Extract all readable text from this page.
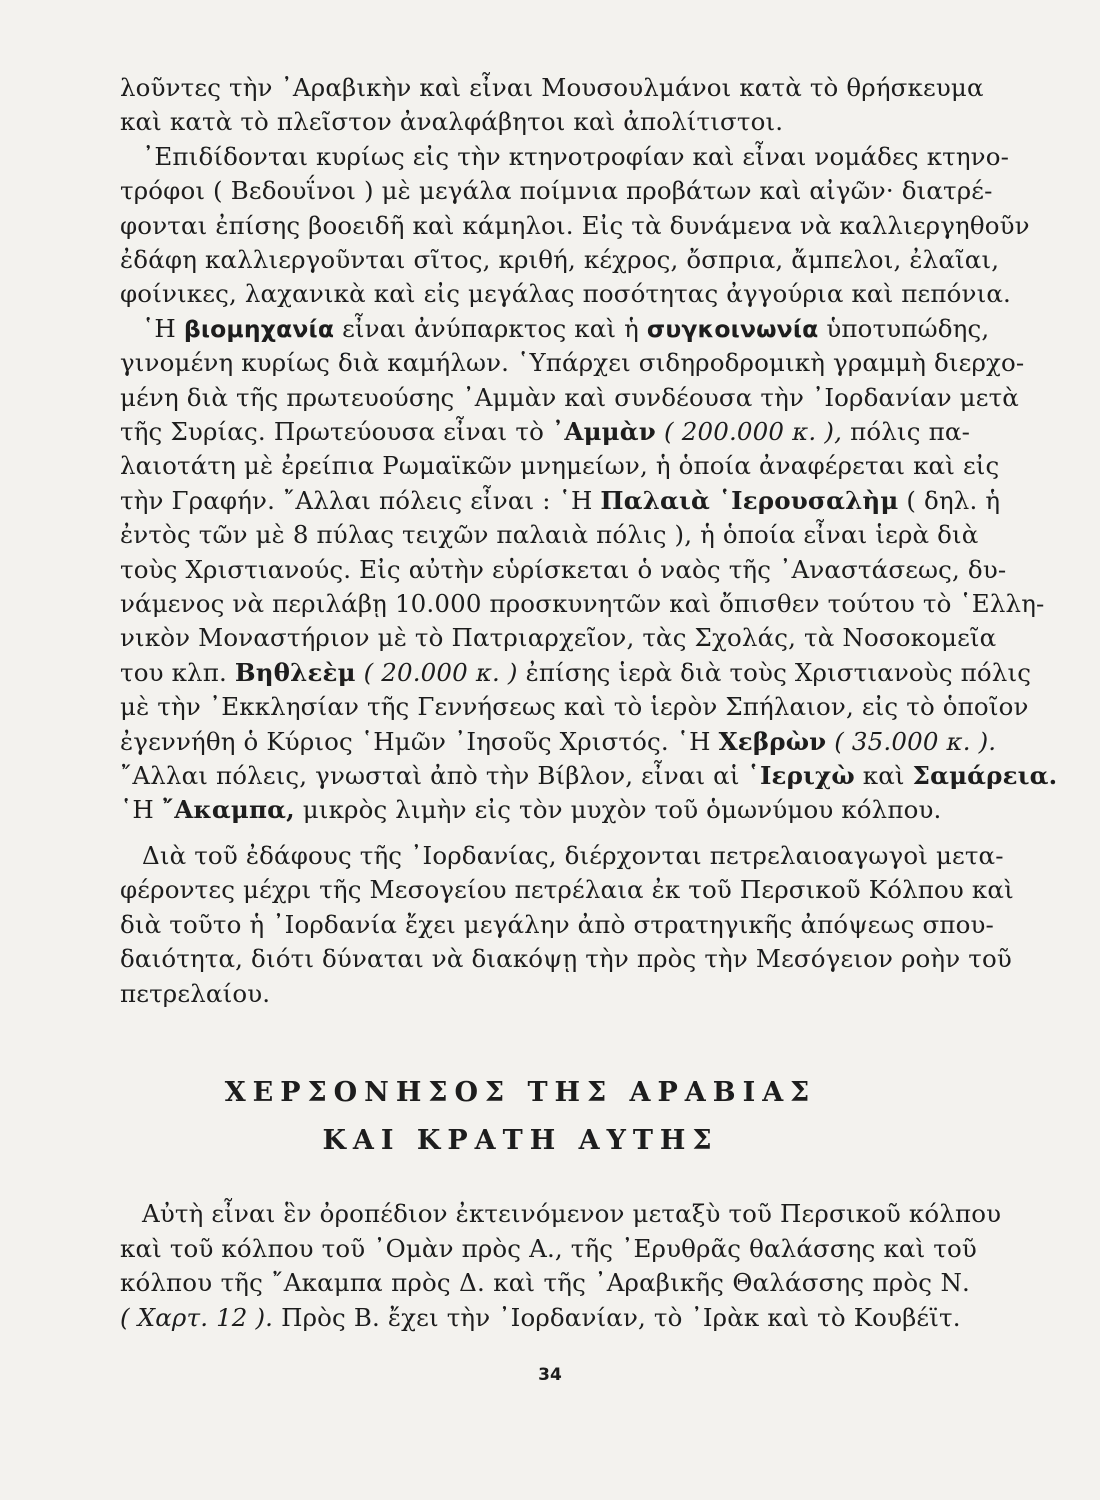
λοῦντες τὴν ᾿Αραβικὴν καὶ εἶναι Μουσουλμάνοι κατὰ τὸ θρήσκευμα
καὶ κατὰ τὸ πλεῖστον ἀναλφάβητοι καὶ ἀπολίτιστοι.
᾿Επιδίδονται κυρίως εἰς τὴν κτηνοτροφίαν καὶ εἶναι νομάδες κτηνο-
τρόφοι ( Βεδουΐνοι ) μὲ μεγάλα ποίμνια προβάτων καὶ αἰγῶν· διατρέ-
φονται ἐπίσης βοοειδῆ καὶ κάμηλοι. Εἰς τὰ δυνάμενα νὰ καλλιεργηθοῦν
ἐδάφη καλλιεργοῦνται σῖτος, κριθή, κέχρος, ὄσπρια, ἄμπελοι, ἐλαῖαι,
φοίνικες, λαχανικὰ καὶ εἰς μεγάλας ποσότητας ἀγγούρια καὶ πεπόνια.
῾Η βιομηχανία εἶναι ἀνύπαρκτος καὶ ἡ συγκοινωνία ὑποτυπώδης,
γινομένη κυρίως διὰ καμήλων. ῾Υπάρχει σιδηροδρομικὴ γραμμὴ διερχο-
μένη διὰ τῆς πρωτευούσης ᾿Αμμὰν καὶ συνδέουσα τὴν ᾿Ιορδανίαν μετὰ
τῆς Συρίας. Πρωτεύουσα εἶναι τὸ ᾿Αμμὰν ( 200.000 κ. ), πόλις πα-
λαιοτάτη μὲ ἐρείπια Ρωμαϊκῶν μνημείων, ἡ ὁποία ἀναφέρεται καὶ εἰς
τὴν Γραφήν. ῎Αλλαι πόλεις εἶναι : ῾Η Παλαιὰ ῾Ιερουσαλὴμ ( δηλ. ἡ
ἐντὸς τῶν μὲ 8 πύλας τειχῶν παλαιὰ πόλις ), ἡ ὁποία εἶναι ἱερὰ διὰ
τοὺς Χριστιανούς. Εἰς αὐτὴν εὑρίσκεται ὁ ναὸς τῆς ᾿Αναστάσεως, δυ-
νάμενος νὰ περιλάβῃ 10.000 προσκυνητῶν καὶ ὄπισθεν τούτου τὸ ῾Ελλη-
νικὸν Μοναστήριον μὲ τὸ Πατριαρχεῖον, τὰς Σχολάς, τὰ Νοσοκομεῖα
του κλπ. Βηθλεὲμ ( 20.000 κ. ) ἐπίσης ἱερὰ διὰ τοὺς Χριστιανοὺς πόλις
μὲ τὴν ᾿Εκκλησίαν τῆς Γεννήσεως καὶ τὸ ἱερὸν Σπήλαιον, εἰς τὸ ὁποῖον
ἐγεννήθη ὁ Κύριος ῾Ημῶν ᾿Ιησοῦς Χριστός. ῾Η Χεβρὼν ( 35.000 κ. ).
῎Αλλαι πόλεις, γνωσταὶ ἀπὸ τὴν Βίβλον, εἶναι αἱ ῾Ιεριχὼ καὶ Σαμάρεια.
῾Η ῎Ακαμπα, μικρὸς λιμὴν εἰς τὸν μυχὸν τοῦ ὁμωνύμου κόλπου.
Διὰ τοῦ ἐδάφους τῆς ᾿Ιορδανίας, διέρχονται πετρελαιοαγωγοὶ μετα-
φέροντες μέχρι τῆς Μεσογείου πετρέλαια ἐκ τοῦ Περσικοῦ Κόλπου καὶ
διὰ τοῦτο ἡ ᾿Ιορδανία ἔχει μεγάλην ἀπὸ στρατηγικῆς ἀπόψεως σπου-
δαιότητα, διότι δύναται νὰ διακόψῃ τὴν πρὸς τὴν Μεσόγειον ροὴν τοῦ
πετρελαίου.
ΧΕΡΣΟΝΗΣΟΣ ΤΗΣ ΑΡΑΒΙΑΣ
ΚΑΙ ΚΡΑΤΗ ΑΥΤΗΣ
Αὐτὴ εἶναι ἓν ὀροπέδιον ἐκτεινόμενον μεταξὺ τοῦ Περσικοῦ κόλπου
καὶ τοῦ κόλπου τοῦ ᾿Ομὰν πρὸς Α., τῆς ᾿Ερυθρᾶς θαλάσσης καὶ τοῦ
κόλπου τῆς ῎Ακαμπα πρὸς Δ. καὶ τῆς ᾿Αραβικῆς Θαλάσσης πρὸς Ν.
( Χαρτ. 12 ). Πρὸς Β. ἔχει τὴν ᾿Ιορδανίαν, τὸ ᾿Ιρὰκ καὶ τὸ Κουβέϊτ.
34
